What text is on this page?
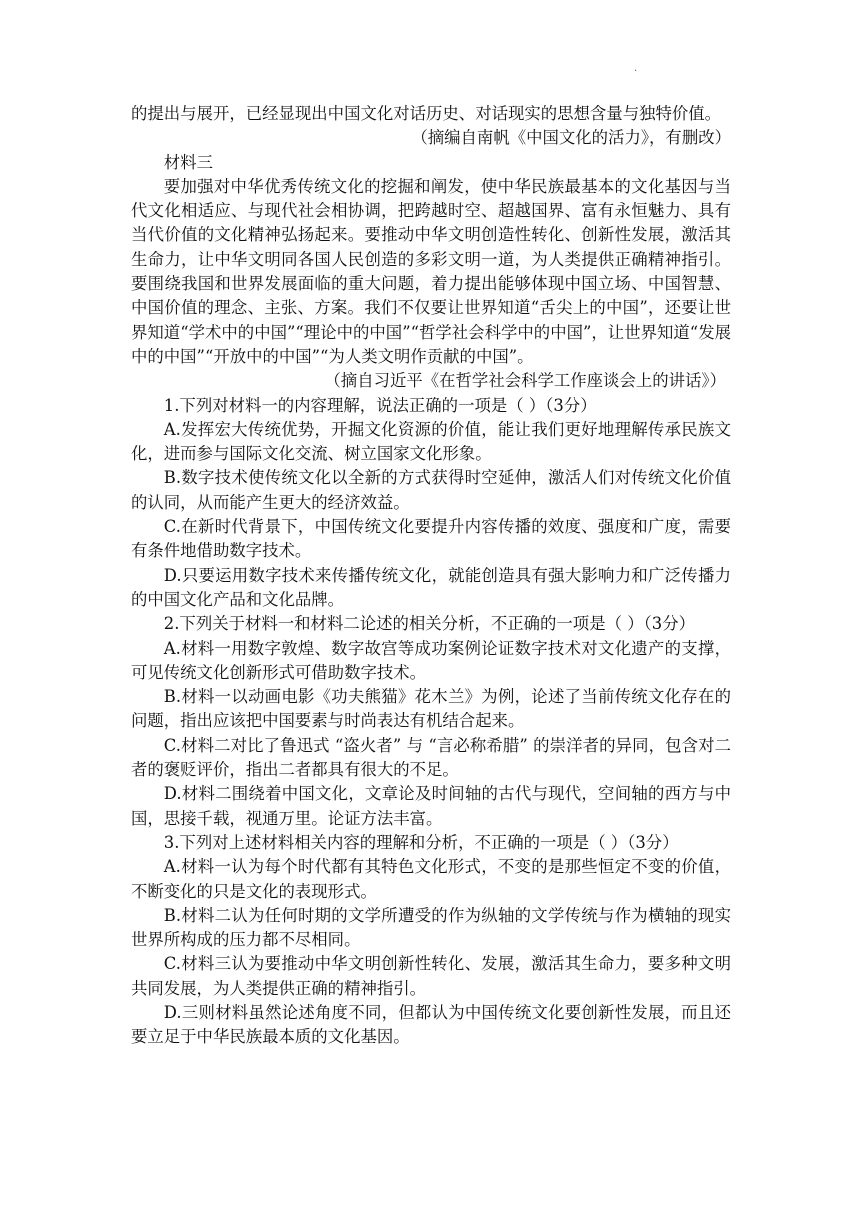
·

的提出与展开，已经显现出中国文化对话历史、对话现实的思想含量与独特价值。

（摘编自南帆《中国文化的活力》，有删改）

材料三

要加强对中华优秀传统文化的挖掘和阐发，使中华民族最基本的文化基因与当代文化相适应、与现代社会相协调，把跨越时空、超越国界、富有永恒魅力、具有当代价值的文化精神弘扬起来。要推动中华文明创造性转化、创新性发展，激活其生命力，让中华文明同各国人民创造的多彩文明一道，为人类提供正确精神指引。要围绕我国和世界发展面临的重大问题，着力提出能够体现中国立场、中国智慧、中国价值的理念、主张、方案。我们不仅要让世界知道“舌尖上的中国”，还要让世界知道“学术中的中国”“理论中的中国”“哲学社会科学中的中国”，让世界知道“发展中的中国”“开放中的中国”“为人类文明作贡献的中国”。

（摘自习近平《在哲学社会科学工作座谈会上的讲话》）

1.下列对材料一的内容理解，说法正确的一项是（ ）（3分）

A.发挥宏大传统优势，开掘文化资源的价值，能让我们更好地理解传承民族文化，进而参与国际文化交流、树立国家文化形象。

B.数字技术使传统文化以全新的方式获得时空延伸，激活人们对传统文化价值的认同，从而能产生更大的经济效益。

C.在新时代背景下，中国传统文化要提升内容传播的效度、强度和广度，需要有条件地借助数字技术。

D.只要运用数字技术来传播传统文化，就能创造具有强大影响力和广泛传播力的中国文化产品和文化品牌。

2.下列关于材料一和材料二论述的相关分析，不正确的一项是（ ）（3分）

A.材料一用数字敦煌、数字故宫等成功案例论证数字技术对文化遗产的支撑，可见传统文化创新形式可借助数字技术。

B.材料一以动画电影《功夫熊猫》花木兰》为例，论述了当前传统文化存在的问题，指出应该把中国要素与时尚表达有机结合起来。

C.材料二对比了鲁迅式 “盗火者” 与 “言必称希腊” 的崇洋者的异同，包含对二者的褒贬评价，指出二者都具有很大的不足。

D.材料二围绕着中国文化，文章论及时间轴的古代与现代，空间轴的西方与中国，思接千载，视通万里。论证方法丰富。

3.下列对上述材料相关内容的理解和分析，不正确的一项是（ ）（3分）

A.材料一认为每个时代都有其特色文化形式，不变的是那些恒定不变的价值，不断变化的只是文化的表现形式。

B.材料二认为任何时期的文学所遭受的作为纵轴的文学传统与作为横轴的现实世界所构成的压力都不尽相同。

C.材料三认为要推动中华文明创新性转化、发展，激活其生命力，要多种文明共同发展，为人类提供正确的精神指引。

D.三则材料虽然论述角度不同，但都认为中国传统文化要创新性发展，而且还要立足于中华民族最本质的文化基因。
